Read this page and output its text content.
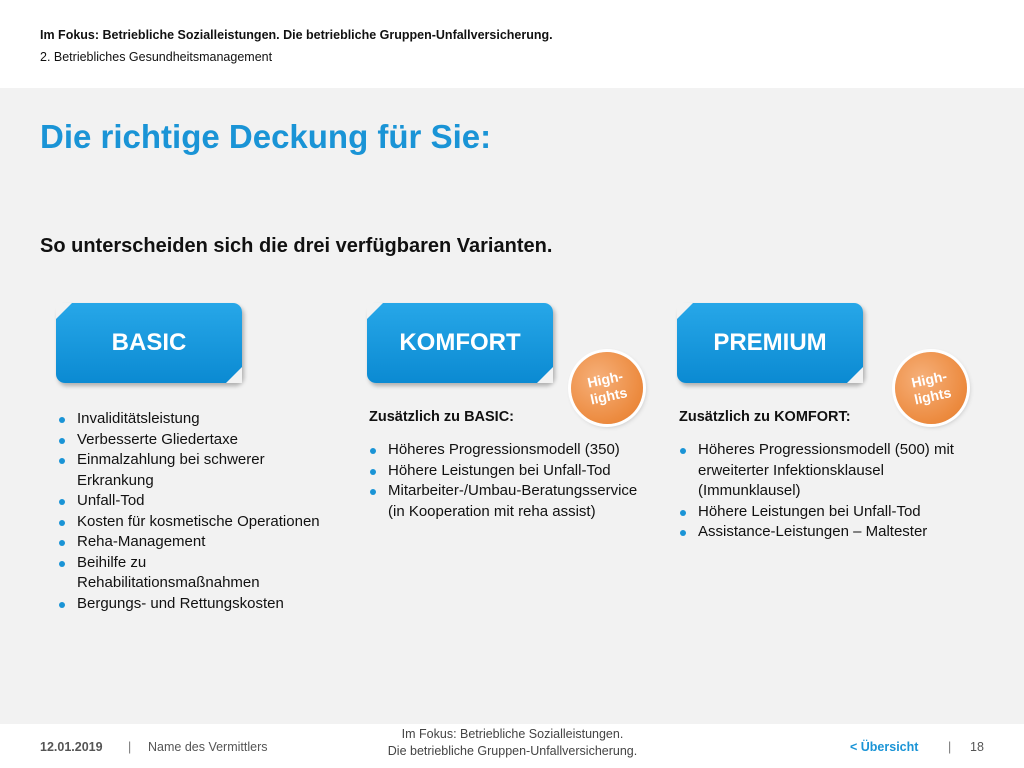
Im Fokus: Betriebliche Sozialleistungen. Die betriebliche Gruppen-Unfallversicherung.
2. Betriebliches Gesundheitsmanagement
Die richtige Deckung für Sie:
So unterscheiden sich die drei verfügbaren Varianten.
BASIC
Invaliditätsleistung
Verbesserte Gliedertaxe
Einmalzahlung bei schwerer Erkrankung
Unfall-Tod
Kosten für kosmetische Operationen
Reha-Management
Beihilfe zu Rehabilitationsmaßnahmen
Bergungs- und Rettungskosten
KOMFORT
High-
lights
Zusätzlich zu BASIC:
Höheres Progressionsmodell (350)
Höhere Leistungen bei Unfall-Tod
Mitarbeiter-/Umbau-Beratungsservice (in Kooperation mit reha assist)
PREMIUM
High-
lights
Zusätzlich zu KOMFORT:
Höheres Progressionsmodell (500) mit erweiterter Infektionsklausel (Immunklausel)
Höhere Leistungen bei Unfall-Tod
Assistance-Leistungen – Maltester
12.01.2019 | Name des Vermittlers
Im Fokus: Betriebliche Sozialleistungen.
Die betriebliche Gruppen-Unfallversicherung.	< Übersicht | 18
